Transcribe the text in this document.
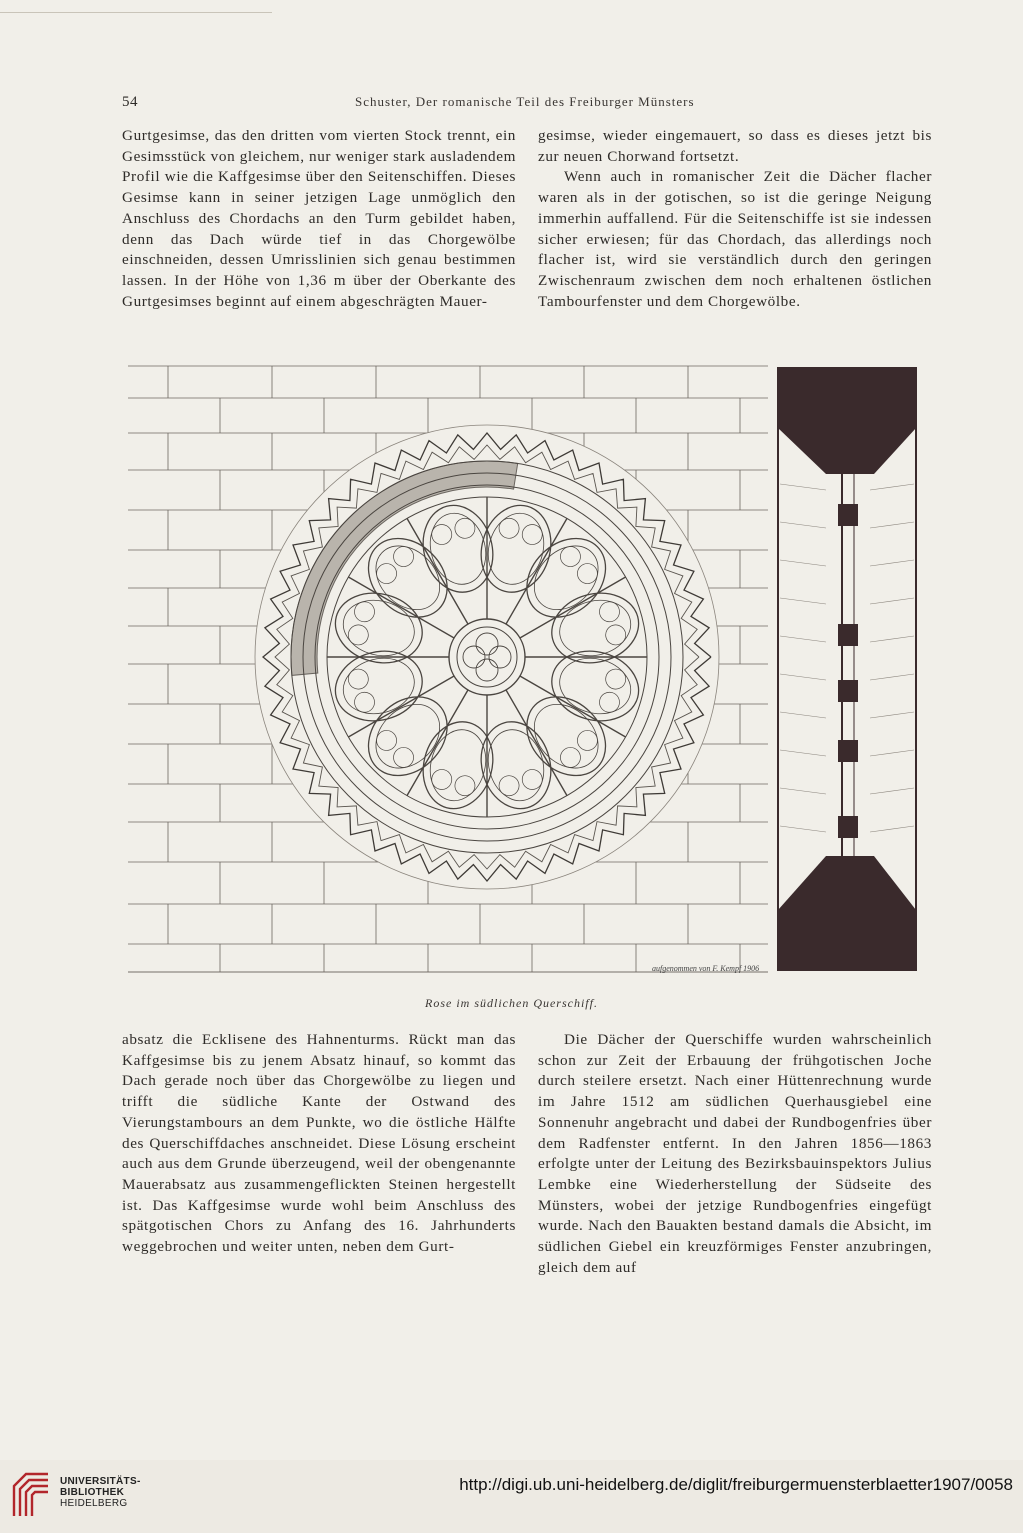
54	Schuster, Der romanische Teil des Freiburger Münsters

Gurtgesimse, das den dritten vom vierten Stock trennt, ein Gesimsstück von gleichem, nur weniger stark ausladendem Profil wie die Kaffgesimse über den Seitenschiffen. Dieses Gesimse kann in seiner jetzigen Lage unmöglich den Anschluss des Chordachs an den Turm gebildet haben, denn das Dach würde tief in das Chorgewölbe einschneiden, dessen Umrisslinien sich genau bestimmen lassen. In der Höhe von 1,36 m über der Oberkante des Gurtgesimses beginnt auf einem abgeschrägten Mauer-

gesimse, wieder eingemauert, so dass es dieses jetzt bis zur neuen Chorwand fortsetzt.

Wenn auch in romanischer Zeit die Dächer flacher waren als in der gotischen, so ist die geringe Neigung immerhin auffallend. Für die Seitenschiffe ist sie indessen sicher erwiesen; für das Chordach, das allerdings noch flacher ist, wird sie verständlich durch den geringen Zwischenraum zwischen dem noch erhaltenen östlichen Tambourfenster und dem Chorgewölbe.

aufgenommen von F. Kempf 1906
Rose im südlichen Querschiff.

absatz die Ecklisene des Hahnenturms. Rückt man das Kaffgesimse bis zu jenem Absatz hinauf, so kommt das Dach gerade noch über das Chorgewölbe zu liegen und trifft die südliche Kante der Ostwand des Vierungstambours an dem Punkte, wo die östliche Hälfte des Querschiffdaches anschneidet. Diese Lösung erscheint auch aus dem Grunde überzeugend, weil der obengenannte Mauerabsatz aus zusammengeflickten Steinen hergestellt ist. Das Kaffgesimse wurde wohl beim Anschluss des spätgotischen Chors zu Anfang des 16. Jahrhunderts weggebrochen und weiter unten, neben dem Gurt-

Die Dächer der Querschiffe wurden wahrscheinlich schon zur Zeit der Erbauung der frühgotischen Joche durch steilere ersetzt. Nach einer Hüttenrechnung wurde im Jahre 1512 am südlichen Querhausgiebel eine Sonnenuhr angebracht und dabei der Rundbogenfries über dem Radfenster entfernt. In den Jahren 1856—1863 erfolgte unter der Leitung des Bezirksbauinspektors Julius Lembke eine Wiederherstellung der Südseite des Münsters, wobei der jetzige Rundbogenfries eingefügt wurde. Nach den Bauakten bestand damals die Absicht, im südlichen Giebel ein kreuzförmiges Fenster anzubringen, gleich dem auf

UNIVERSITÄTS-
BIBLIOTHEK
HEIDELBERG
http://digi.ub.uni-heidelberg.de/diglit/freiburgermuensterblaetter1907/0058
